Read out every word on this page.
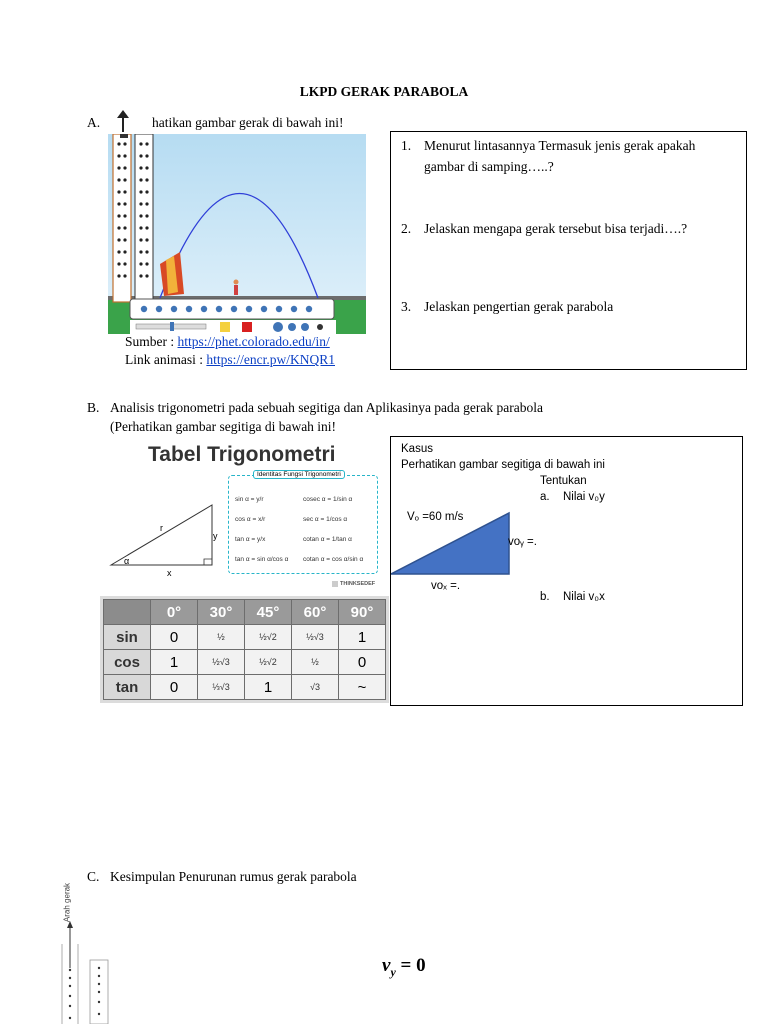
LKPD GERAK PARABOLA
A.	hatikan gambar gerak di bawah ini!
Sumber : https://phet.colorado.edu/in/
Link animasi : https://encr.pw/KNQR1
1. Menurut lintasannya Termasuk jenis gerak apakah gambar di samping…..?
2. Jelaskan mengapa gerak tersebut bisa terjadi….?
3. Jelaskan pengertian gerak parabola
B. Analisis trigonometri pada sebuah segitiga dan Aplikasinya pada gerak parabola
(Perhatikan gambar segitiga di bawah ini!
Tabel Trigonometri
r
y
x
α
Identitas Fungsi Trigonometri
sin α = y/r
cos α = x/r
tan α = y/x
tan α = sin α/cos α
cosec α = 1/sin α
sec α = 1/cos α
cotan α = 1/tan α
cotan α = cos α/sin α
THINKSEDEF
	0°	30°	45°	60°	90°
sin	0	½	½√2	½√3	1
cos	1	½√3	½√2	½	0
tan	0	⅓√3	1	√3	~
Kasus
Perhatikan gambar segitiga di bawah ini
Tentukan
a. Nilai v₀y
Vₒ =60 m/s
voᵧ =.
voₓ =.
b. Nilai v₀x
C. Kesimpulan Penurunan rumus gerak parabola
Arah gerak
$v_y = 0$
